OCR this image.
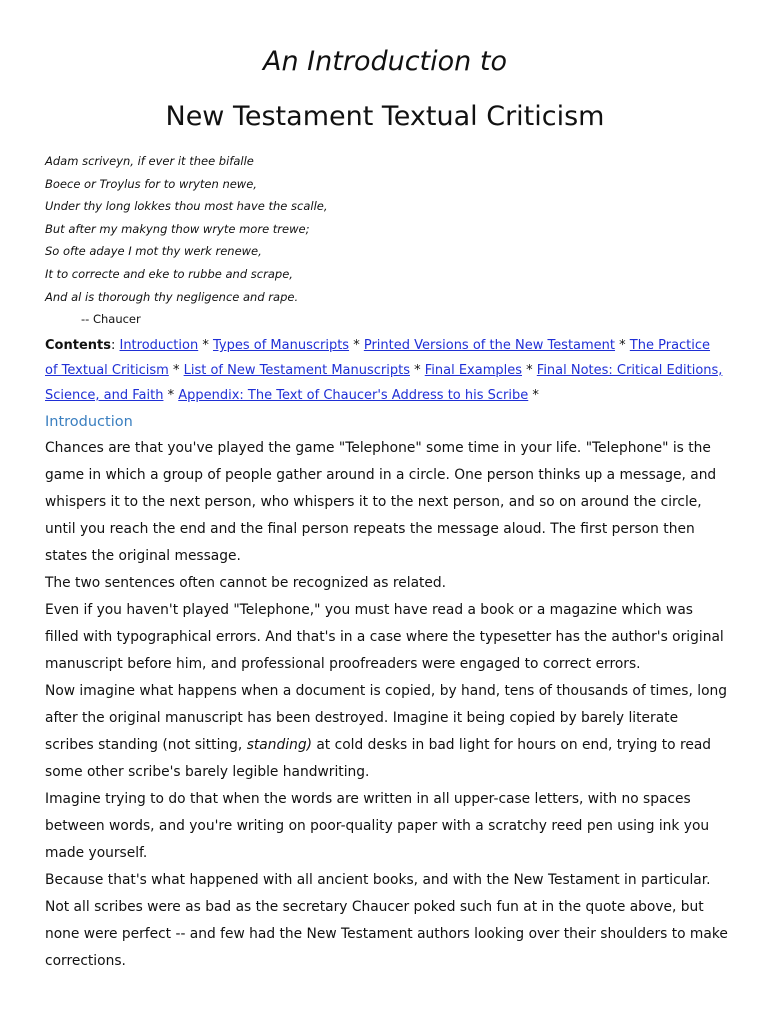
An Introduction to
New Testament Textual Criticism
Adam scriveyn, if ever it thee bifalle
Boece or Troylus for to wryten newe,
Under thy long lokkes thou most have the scalle,
But after my makyng thow wryte more trewe;
So ofte adaye I mot thy werk renewe,
It to correcte and eke to rubbe and scrape,
And al is thorough thy negligence and rape.
-- Chaucer
Contents: Introduction * Types of Manuscripts * Printed Versions of the New Testament * The Practice of Textual Criticism * List of New Testament Manuscripts * Final Examples * Final Notes: Critical Editions, Science, and Faith * Appendix: The Text of Chaucer's Address to his Scribe *
Introduction

Chances are that you've played the game "Telephone" some time in your life. "Telephone" is the game in which a group of people gather around in a circle. One person thinks up a message, and whispers it to the next person, who whispers it to the next person, and so on around the circle, until you reach the end and the final person repeats the message aloud. The first person then states the original message.

The two sentences often cannot be recognized as related.

Even if you haven't played "Telephone," you must have read a book or a magazine which was filled with typographical errors. And that's in a case where the typesetter has the author's original manuscript before him, and professional proofreaders were engaged to correct errors.

Now imagine what happens when a document is copied, by hand, tens of thousands of times, long after the original manuscript has been destroyed. Imagine it being copied by barely literate scribes standing (not sitting, standing) at cold desks in bad light for hours on end, trying to read some other scribe's barely legible handwriting.

Imagine trying to do that when the words are written in all upper-case letters, with no spaces between words, and you're writing on poor-quality paper with a scratchy reed pen using ink you made yourself.

Because that's what happened with all ancient books, and with the New Testament in particular. Not all scribes were as bad as the secretary Chaucer poked such fun at in the quote above, but none were perfect -- and few had the New Testament authors looking over their shoulders to make corrections.
